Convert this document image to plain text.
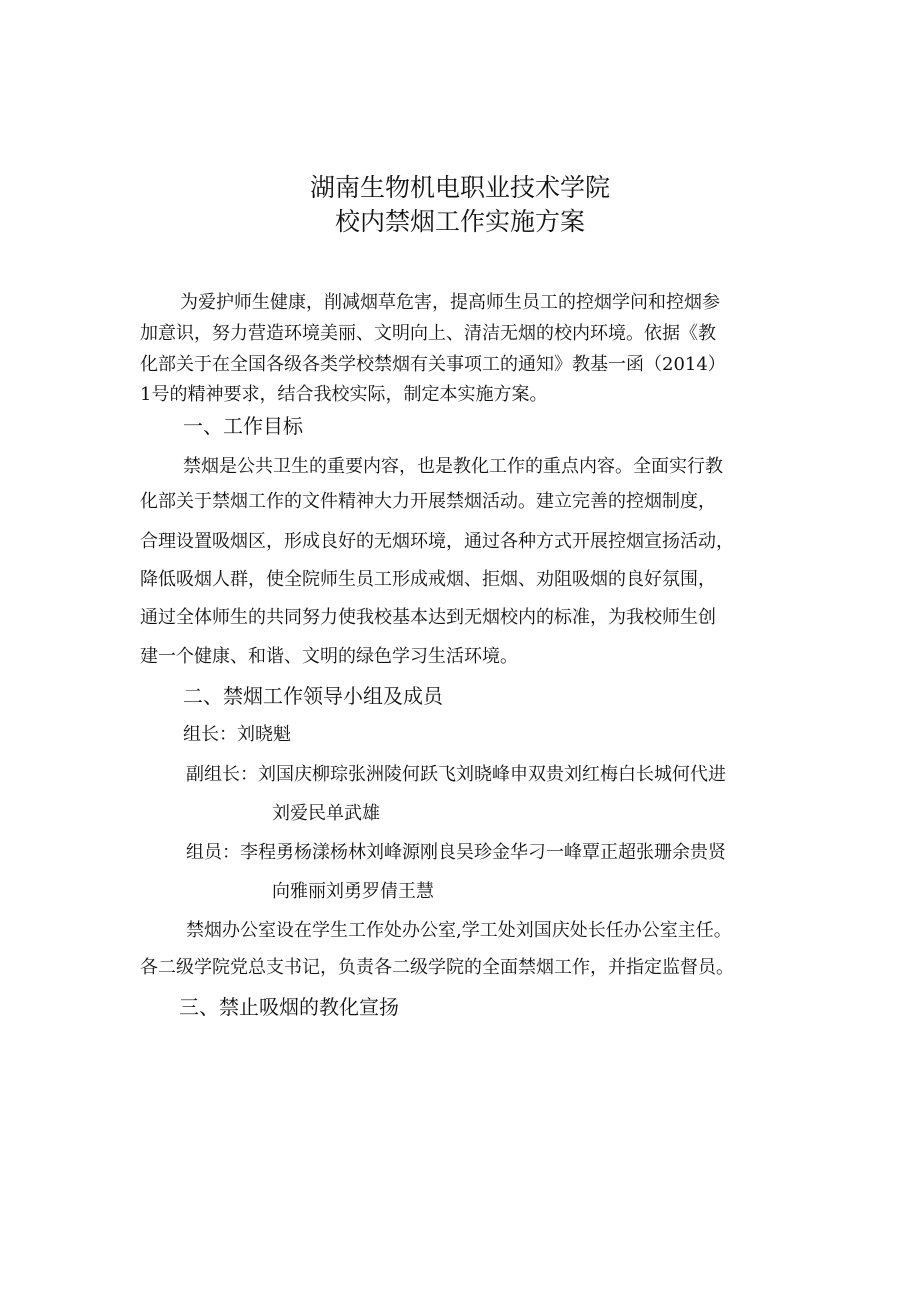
湖南生物机电职业技术学院
校内禁烟工作实施方案
为爱护师生健康，削减烟草危害，提高师生员工的控烟学问和控烟参
加意识，努力营造环境美丽、文明向上、清洁无烟的校内环境。依据《教
化部关于在全国各级各类学校禁烟有关事项工的通知》教基一函（2014）
1号的精神要求，结合我校实际，制定本实施方案。
一、工作目标
禁烟是公共卫生的重要内容，也是教化工作的重点内容。全面实行教
化部关于禁烟工作的文件精神大力开展禁烟活动。建立完善的控烟制度，
合理设置吸烟区，形成良好的无烟环境，通过各种方式开展控烟宣扬活动，
降低吸烟人群，使全院师生员工形成戒烟、拒烟、劝阻吸烟的良好氛围，
通过全体师生的共同努力使我校基本达到无烟校内的标准，为我校师生创
建一个健康、和谐、文明的绿色学习生活环境。
二、禁烟工作领导小组及成员
组长：刘晓魁
副组长：刘国庆柳琮张洲陵何跃飞刘晓峰申双贵刘红梅白长城何代进
刘爱民单武雄
组员：李程勇杨漾杨林刘峰源刚良吴珍金华刁一峰覃正超张珊余贵贤
向雅丽刘勇罗倩王慧
禁烟办公室设在学生工作处办公室,学工处刘国庆处长任办公室主任。
各二级学院党总支书记，负责各二级学院的全面禁烟工作，并指定监督员。
三、禁止吸烟的教化宣扬
